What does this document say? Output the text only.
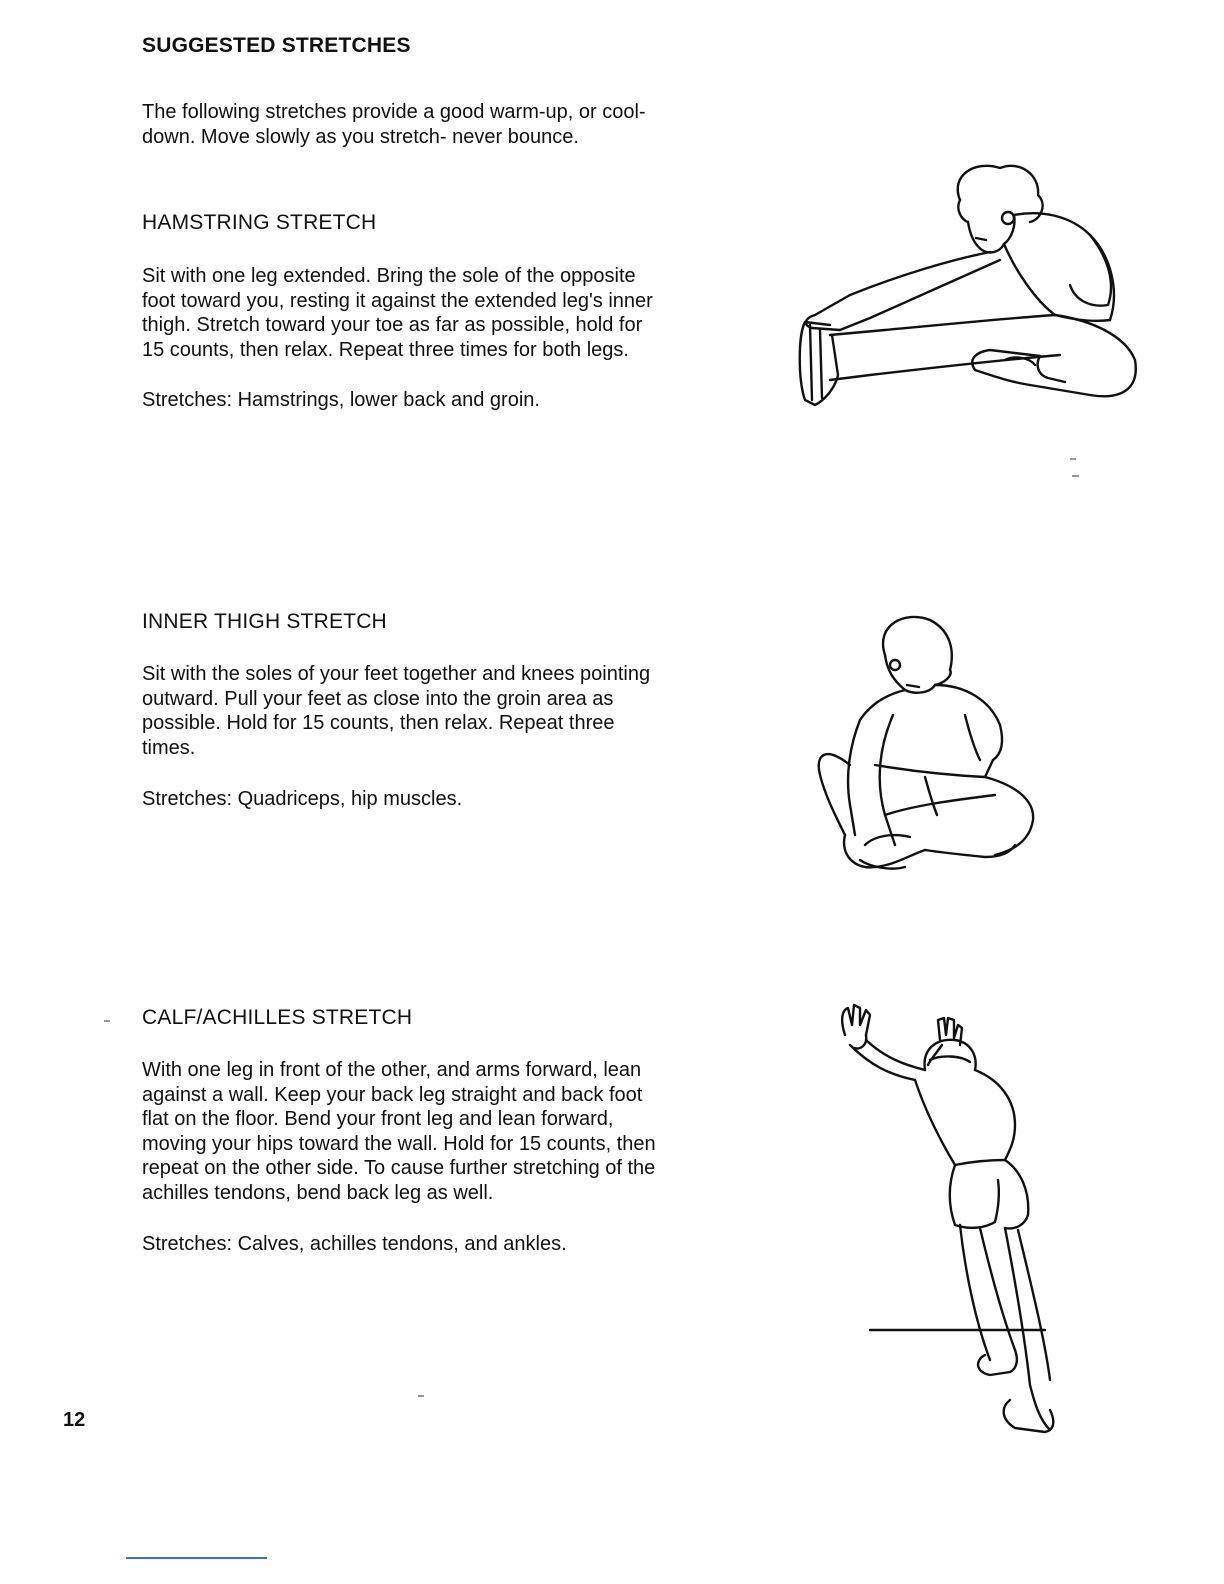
SUGGESTED STRETCHES

The following stretches provide a good warm-up, or cool-

down. Move slowly as you stretch- never bounce.

HAMSTRING STRETCH

Sit with one leg extended. Bring the sole of the opposite

foot toward you, resting it against the extended leg's inner

thigh. Stretch toward your toe as far as possible, hold for

15 counts, then relax. Repeat three times for both legs.

Stretches: Hamstrings, lower back and groin.
INNER THIGH STRETCH

Sit with the soles of your feet together and knees pointing

outward. Pull your feet as close into the groin area as

possible. Hold for 15 counts, then relax. Repeat three

times.

Stretches: Quadriceps, hip muscles.
CALF/ACHILLES STRETCH

With one leg in front of the other, and arms forward, lean

against a wall. Keep your back leg straight and back foot

flat on the floor. Bend your front leg and lean forward,

moving your hips toward the wall. Hold for 15 counts, then

repeat on the other side. To cause further stretching of the

achilles tendons, bend back leg as well.

Stretches: Calves, achilles tendons, and ankles.
12
